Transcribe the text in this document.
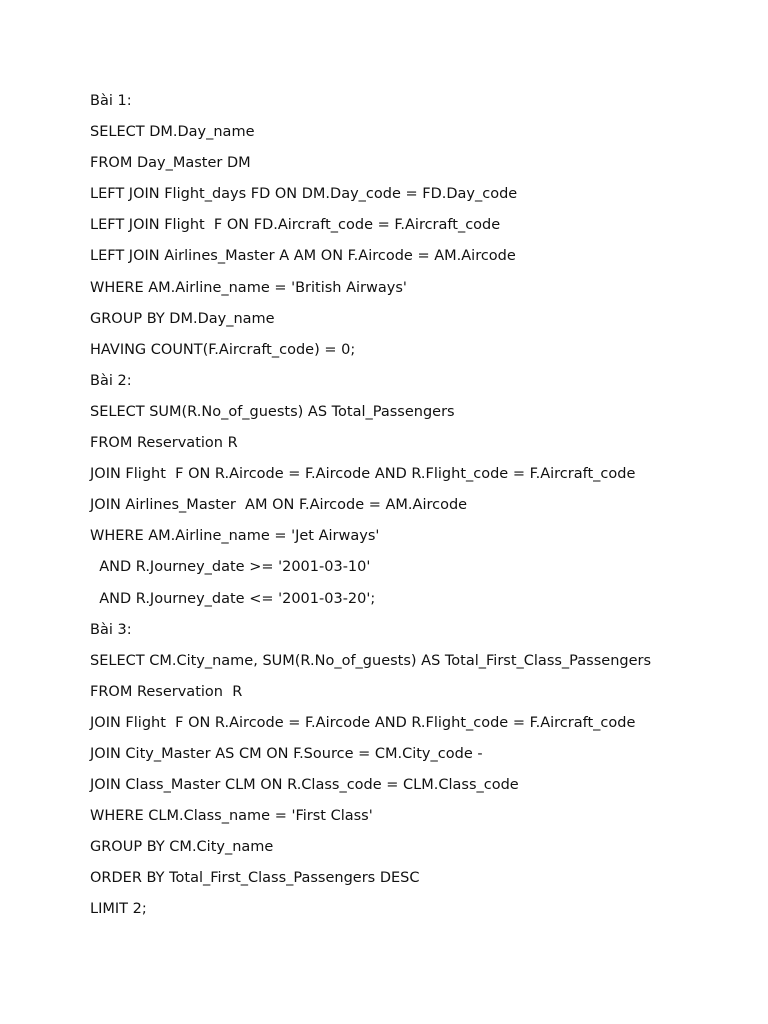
Bài 1:
SELECT DM.Day_name
FROM Day_Master DM
LEFT JOIN Flight_days FD ON DM.Day_code = FD.Day_code
LEFT JOIN Flight  F ON FD.Aircraft_code = F.Aircraft_code
LEFT JOIN Airlines_Master A AM ON F.Aircode = AM.Aircode
WHERE AM.Airline_name = 'British Airways'
GROUP BY DM.Day_name
HAVING COUNT(F.Aircraft_code) = 0;
Bài 2:
SELECT SUM(R.No_of_guests) AS Total_Passengers
FROM Reservation R
JOIN Flight  F ON R.Aircode = F.Aircode AND R.Flight_code = F.Aircraft_code
JOIN Airlines_Master  AM ON F.Aircode = AM.Aircode
WHERE AM.Airline_name = 'Jet Airways'
AND R.Journey_date >= '2001-03-10'
AND R.Journey_date <= '2001-03-20';
Bài 3:
SELECT CM.City_name, SUM(R.No_of_guests) AS Total_First_Class_Passengers
FROM Reservation  R
JOIN Flight  F ON R.Aircode = F.Aircode AND R.Flight_code = F.Aircraft_code
JOIN City_Master AS CM ON F.Source = CM.City_code -
JOIN Class_Master CLM ON R.Class_code = CLM.Class_code
WHERE CLM.Class_name = 'First Class'
GROUP BY CM.City_name
ORDER BY Total_First_Class_Passengers DESC
LIMIT 2;
